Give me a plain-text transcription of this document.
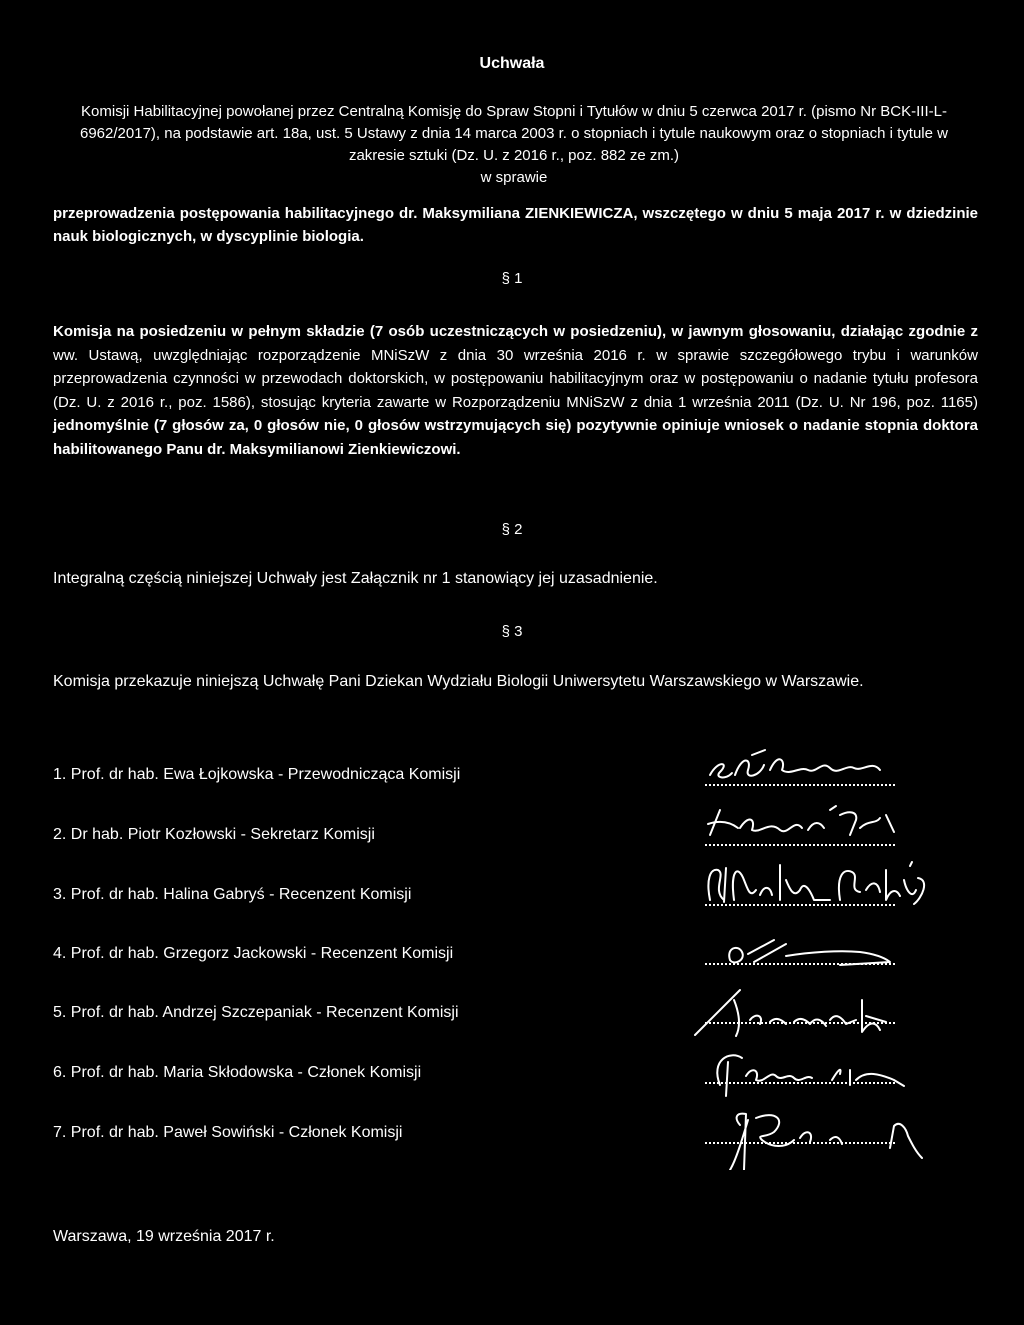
Uchwała
Komisji Habilitacyjnej powołanej przez Centralną Komisję do Spraw Stopni i Tytułów w dniu 5 czerwca 2017 r. (pismo Nr BCK-III-L-6962/2017), na podstawie art. 18a, ust. 5 Ustawy z dnia 14 marca 2003 r. o stopniach i tytule naukowym oraz o stopniach i tytule w zakresie sztuki (Dz. U. z 2016 r., poz. 882 ze zm.)
w sprawie
przeprowadzenia postępowania habilitacyjnego dr. Maksymiliana ZIENKIEWICZA, wszczętego w dniu 5 maja 2017 r. w dziedzinie nauk biologicznych, w dyscyplinie biologia.
§ 1
Komisja na posiedzeniu w pełnym składzie (7 osób uczestniczących w posiedzeniu), w jawnym głosowaniu, działając zgodnie z ww. Ustawą, uwzględniając rozporządzenie MNiSzW z dnia 30 września 2016 r. w sprawie szczegółowego trybu i warunków przeprowadzenia czynności w przewodach doktorskich, w postępowaniu habilitacyjnym oraz w postępowaniu o nadanie tytułu profesora (Dz. U. z 2016 r., poz. 1586), stosując kryteria zawarte w Rozporządzeniu MNiSzW z dnia 1 września 2011 (Dz. U. Nr 196, poz. 1165) jednomyślnie (7 głosów za, 0 głosów nie, 0 głosów wstrzymujących się) pozytywnie opiniuje wniosek o nadanie stopnia doktora habilitowanego Panu dr. Maksymilianowi Zienkiewiczowi.
§ 2
Integralną częścią niniejszej Uchwały jest Załącznik nr 1 stanowiący jej uzasadnienie.
§ 3
Komisja przekazuje niniejszą Uchwałę Pani Dziekan Wydziału Biologii Uniwersytetu Warszawskiego w Warszawie.
1. Prof. dr hab. Ewa Łojkowska - Przewodnicząca Komisji
2. Dr hab. Piotr Kozłowski - Sekretarz Komisji
3. Prof. dr hab. Halina Gabryś - Recenzent Komisji
4. Prof. dr hab. Grzegorz Jackowski - Recenzent Komisji
5. Prof. dr hab. Andrzej Szczepaniak - Recenzent Komisji
6. Prof. dr hab. Maria Skłodowska - Członek Komisji
7. Prof. dr hab. Paweł Sowiński - Członek Komisji
Warszawa, 19 września 2017 r.
